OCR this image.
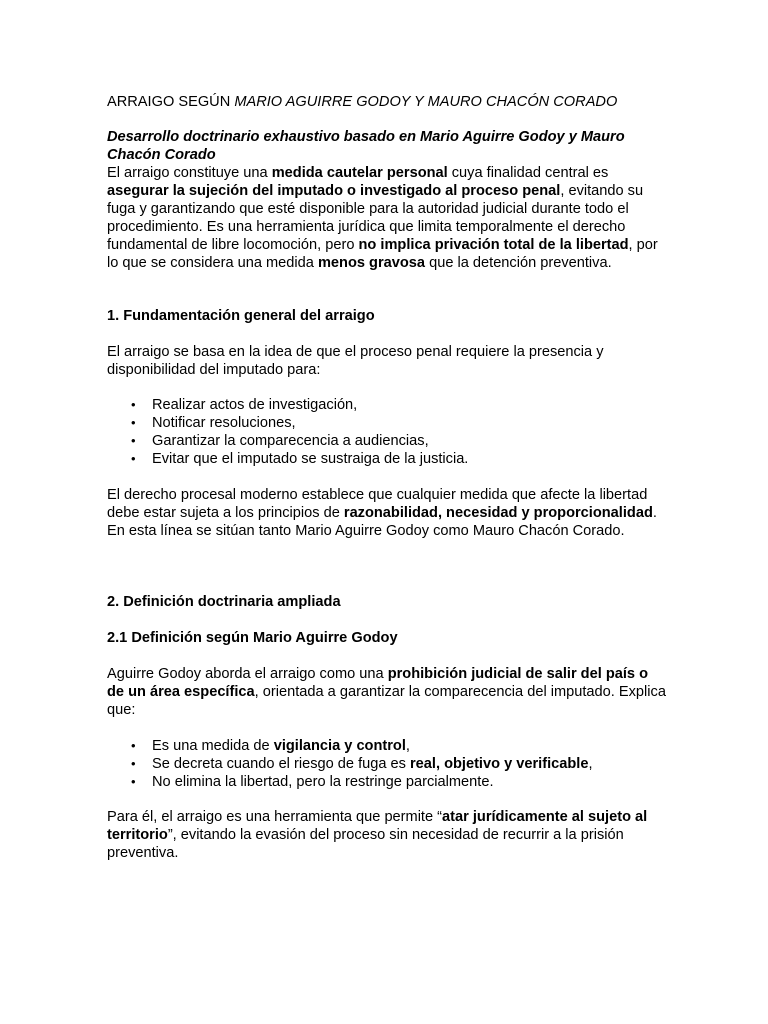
ARRAIGO SEGÚN MARIO AGUIRRE GODOY Y MAURO CHACÓN CORADO
Desarrollo doctrinario exhaustivo basado en Mario Aguirre Godoy y Mauro Chacón Corado

El arraigo constituye una medida cautelar personal cuya finalidad central es asegurar la sujeción del imputado o investigado al proceso penal, evitando su fuga y garantizando que esté disponible para la autoridad judicial durante todo el procedimiento. Es una herramienta jurídica que limita temporalmente el derecho fundamental de libre locomoción, pero no implica privación total de la libertad, por lo que se considera una medida menos gravosa que la detención preventiva.

1. Fundamentación general del arraigo

El arraigo se basa en la idea de que el proceso penal requiere la presencia y disponibilidad del imputado para:

• Realizar actos de investigación,
• Notificar resoluciones,
• Garantizar la comparecencia a audiencias,
• Evitar que el imputado se sustraiga de la justicia.

El derecho procesal moderno establece que cualquier medida que afecte la libertad debe estar sujeta a los principios de razonabilidad, necesidad y proporcionalidad. En esta línea se sitúan tanto Mario Aguirre Godoy como Mauro Chacón Corado.

2. Definición doctrinaria ampliada
2.1 Definición según Mario Aguirre Godoy

Aguirre Godoy aborda el arraigo como una prohibición judicial de salir del país o de un área específica, orientada a garantizar la comparecencia del imputado. Explica que:

• Es una medida de vigilancia y control,
• Se decreta cuando el riesgo de fuga es real, objetivo y verificable,
• No elimina la libertad, pero la restringe parcialmente.

Para él, el arraigo es una herramienta que permite “atar jurídicamente al sujeto al territorio”, evitando la evasión del proceso sin necesidad de recurrir a la prisión preventiva.
